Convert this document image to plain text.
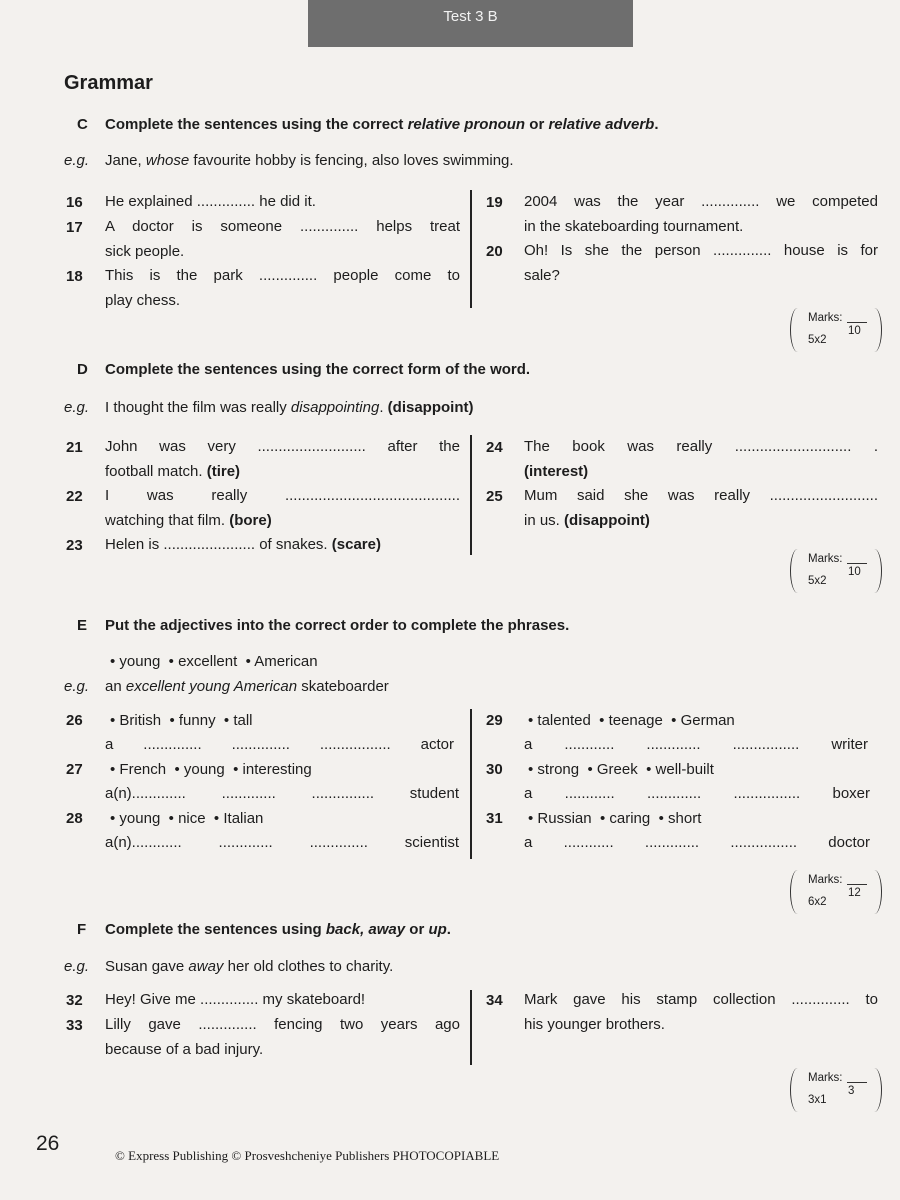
Test 3 B
Grammar
C Complete the sentences using the correct relative pronoun or relative adverb.
e.g. Jane, whose favourite hobby is fencing, also loves swimming.
16	He explained .............. he did it.
17	A doctor is someone .............. helps treat
sick people.
18	This is the park .............. people come to
play chess.
19	2004 was the year .............. we competed
in the skateboarding tournament.
20	Oh! Is she the person .............. house is for
sale?
Marks:
10
5x2
D Complete the sentences using the correct form of the word.
e.g. I thought the film was really disappointing. (disappoint)
21	John was very .......................... after the
football match. (tire)
22	I was really ..........................................
watching that film. (bore)
23	Helen is ...................... of snakes. (scare)
24	The book was really ............................ .
(interest)
25	Mum said she was really ..........................
in us. (disappoint)
Marks:
10
5x2
E Put the adjectives into the correct order to complete the phrases.
• young  • excellent  • American
e.g. an excellent young American skateboarder
26	• British  • funny  • tall
a .............. .............. ................. actor
27	• French  • young  • interesting
a(n)............. ............. ............... student
28	• young  • nice  • Italian
a(n)............ ............. .............. scientist
29	• talented  • teenage  • German
a ............ ............. ................ writer
30	• strong  • Greek  • well-built
a ............ ............. ................ boxer
31	• Russian  • caring  • short
a ............ ............. ................ doctor
Marks:
12
6x2
F Complete the sentences using back, away or up.
e.g. Susan gave away her old clothes to charity.
32	Hey! Give me .............. my skateboard!
33	Lilly gave .............. fencing two years ago
because of a bad injury.
34	Mark gave his stamp collection .............. to
his younger brothers.
Marks:
3
3x1
26
© Express Publishing © Prosveshcheniye Publishers PHOTOCOPIABLE
